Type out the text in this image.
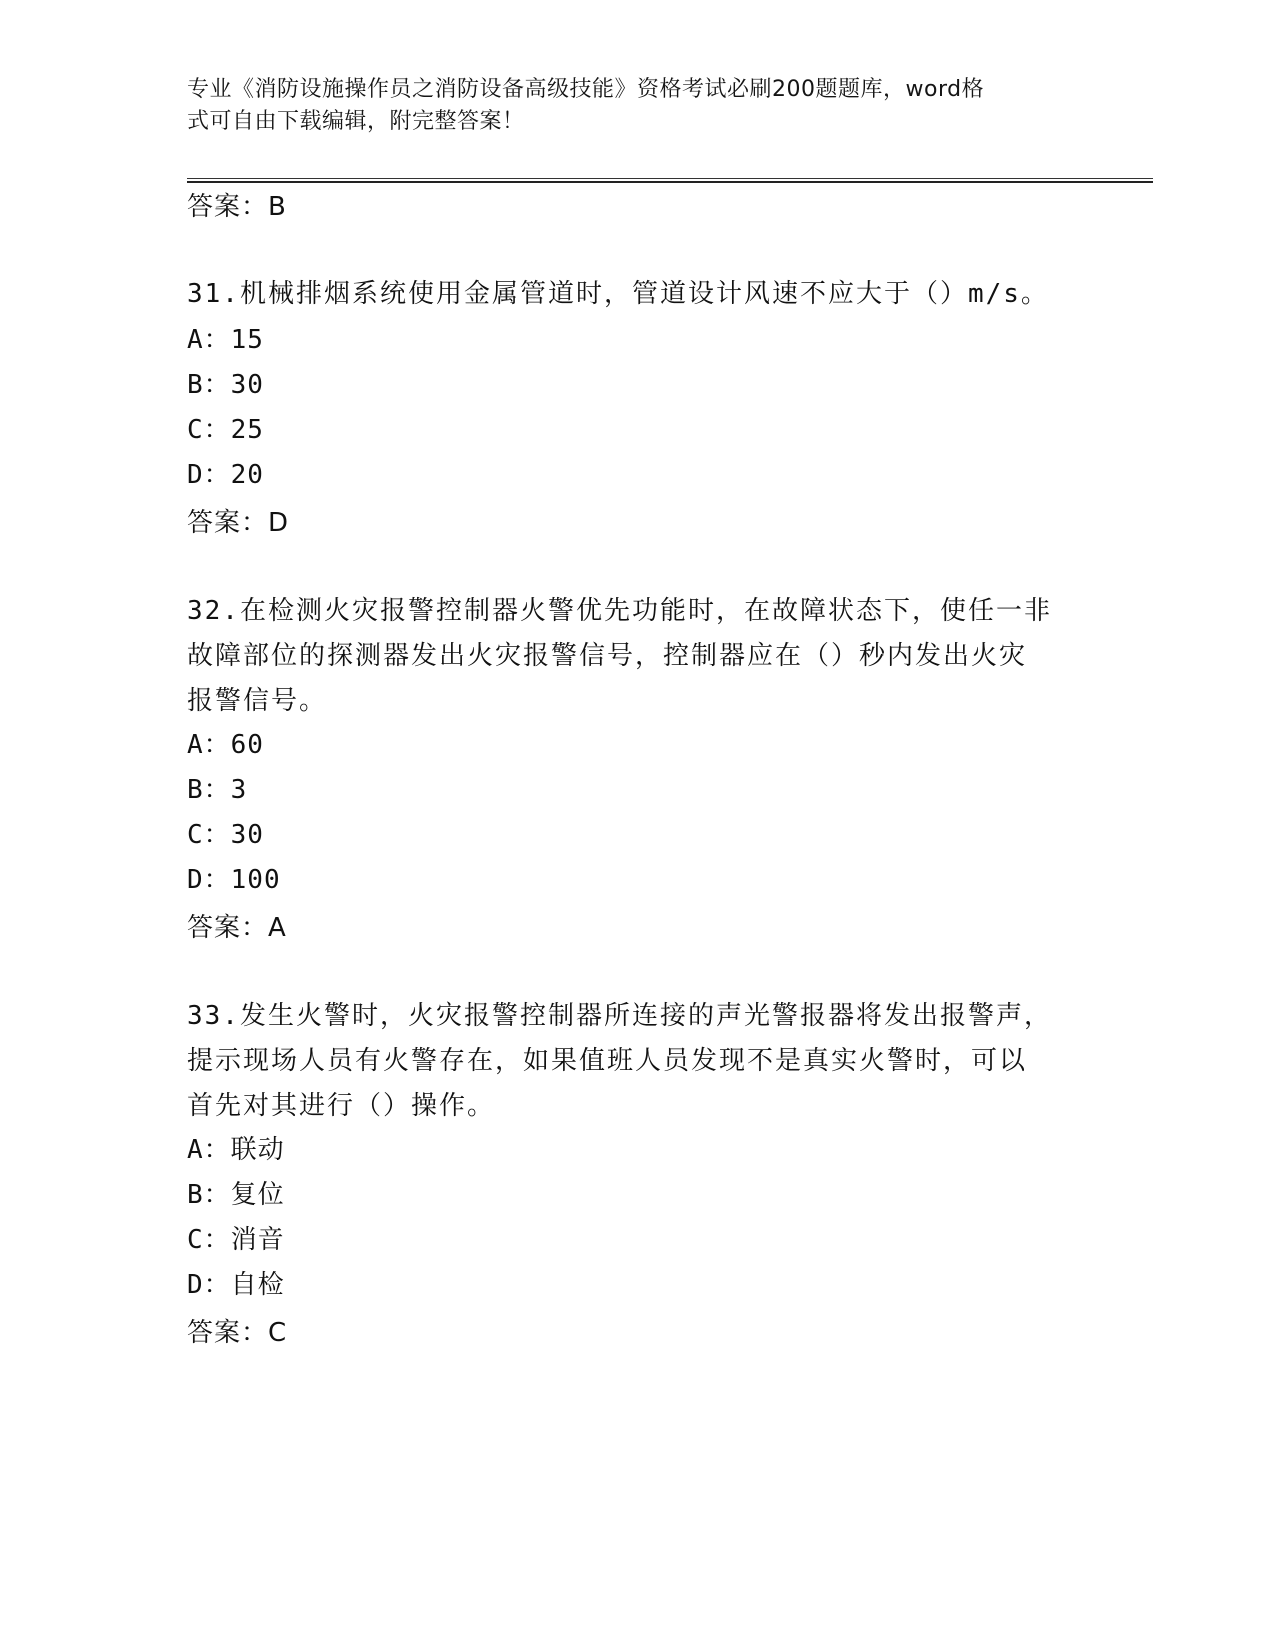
专业《消防设施操作员之消防设备高级技能》资格考试必刷200题题库，word格
式可自由下载编辑，附完整答案！
答案：B
31.机械排烟系统使用金属管道时，管道设计风速不应大于（）m/s。
A：15
B：30
C：25
D：20
答案：D
32.在检测火灾报警控制器火警优先功能时，在故障状态下，使任一非
故障部位的探测器发出火灾报警信号，控制器应在（）秒内发出火灾
报警信号。
A：60
B：3
C：30
D：100
答案：A
33.发生火警时，火灾报警控制器所连接的声光警报器将发出报警声，
提示现场人员有火警存在，如果值班人员发现不是真实火警时，可以
首先对其进行（）操作。
A：联动
B：复位
C：消音
D：自检
答案：C
